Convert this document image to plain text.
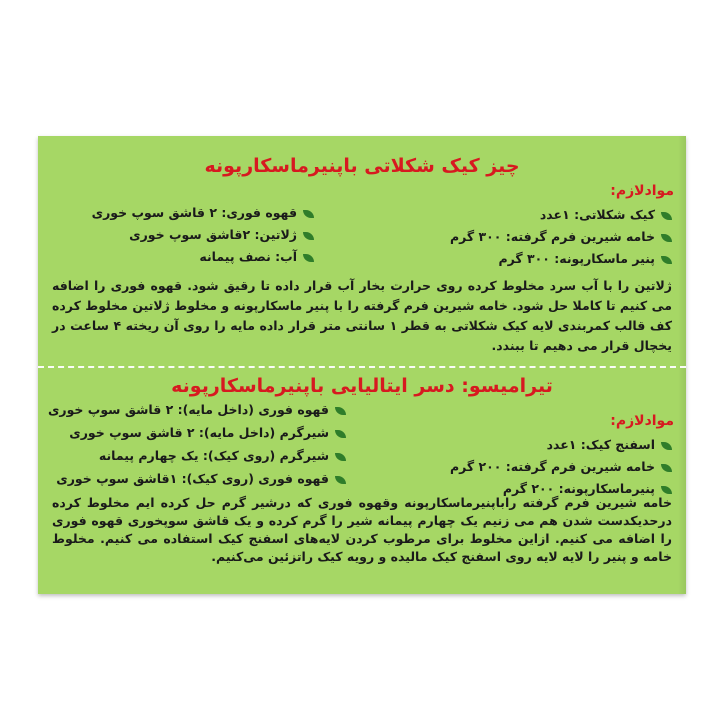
چیز کیک شکلاتی باپنیرماسکارپونه
موادلازم:
کیک شکلاتی: ۱عدد
خامه شیرین فرم گرفته: ۳۰۰ گرم
پنیر ماسکارپونه: ۳۰۰ گرم
قهوه فوری: ۲ قاشق سوپ خوری
ژلاتین: ۲قاشق سوپ خوری
آب: نصف پیمانه

ژلاتین را با آب سرد مخلوط کرده روی حرارت بخار آب قرار داده تا رقیق شود. قهوه فوری را اضافه می کنیم تا کاملا حل شود. خامه شیرین فرم گرفته را با پنیر ماسکارپونه و مخلوط ژلاتین مخلوط کرده کف قالب کمربندی لایه کیک شکلاتی به قطر ۱ سانتی متر قرار داده مایه را روی آن ریخته ۴ ساعت در یخچال قرار می دهیم تا ببندد.

تیرامیسو: دسر ایتالیایی باپنیرماسکارپونه
موادلازم:
اسفنج کیک: ۱عدد
خامه شیرین فرم گرفته: ۲۰۰ گرم
پنیرماسکارپونه: ۲۰۰ گرم
قهوه فوری (داخل مایه): ۲ قاشق سوپ خوری
شیرگرم (داخل مایه): ۲ قاشق سوپ خوری
شیرگرم (روی کیک): یک چهارم پیمانه
قهوه فوری (روی کیک): ۱قاشق سوپ خوری

خامه شیرین فرم گرفته راباپنیرماسکارپونه وقهوه فوری که درشیر گرم حل کرده ایم مخلوط کرده درحدیکدست شدن هم می زنیم یک چهارم پیمانه شیر را گرم کرده و یک قاشق سوپخوری قهوه فوری را اضافه می کنیم. ازاین مخلوط برای مرطوب کردن لایه‌های اسفنج کیک استفاده می کنیم. مخلوط خامه و پنیر را لایه لایه روی اسفنج کیک مالیده و رویه کیک راتزئین می‌کنیم.
